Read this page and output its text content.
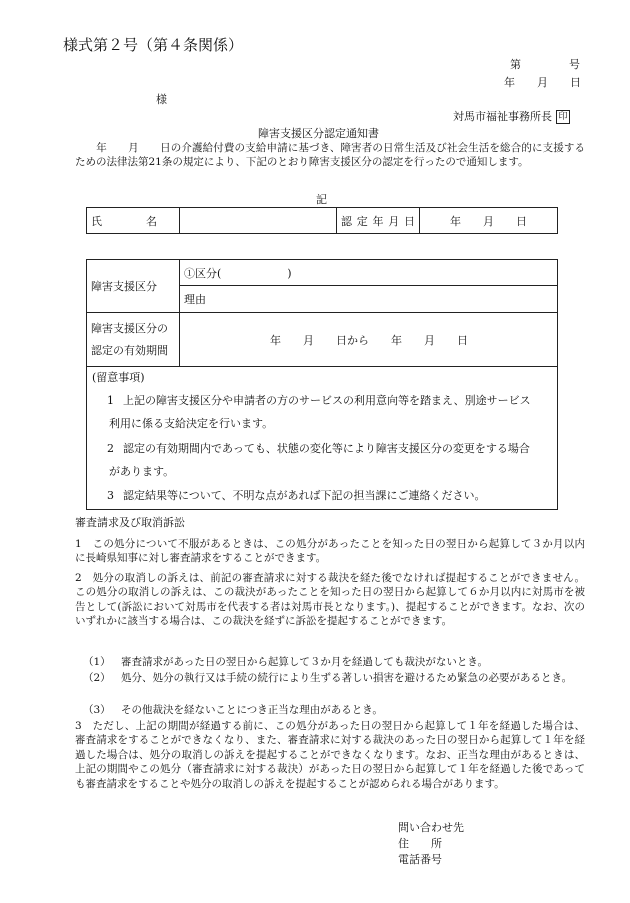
様式第２号（第４条関係）
第	号
年 月 日
様
対馬市福祉事務所長 印
障害支援区分認定通知書
　　年　　月　　日の介護給付費の支給申請に基づき、障害者の日常生活及び社会生活を総合的に支援するための法律法第21条の規定により、下記のとおり障害支援区分の認定を行ったので通知します。
記
氏　　　　名		認定年月日	年　　月　　日
障害支援区分	①区分(　　　　　　)
	理由

障害支援区分の
認定の有効期間	年　　月　　日から　　年　　月　　日
(留意事項)
1 上記の障害支援区分や申請者の方のサービスの利用意向等を踏まえ、別途サービス
利用に係る支給決定を行います。
2 認定の有効期間内であっても、状態の変化等により障害支援区分の変更をする場合
があります。
3 認定結果等について、不明な点があれば下記の担当課にご連絡ください。
審査請求及び取消訴訟
1　この処分について不服があるときは、この処分があったことを知った日の翌日から起算して３か月以内に長崎県知事に対し審査請求をすることができます。
2　処分の取消しの訴えは、前記の審査請求に対する裁決を経た後でなければ提起することができません。この処分の取消しの訴えは、この裁決があったことを知った日の翌日から起算して６か月以内に対馬市を被告として(訴訟において対馬市を代表する者は対馬市長となります。)、提起することができます。なお、次のいずれかに該当する場合は、この裁決を経ずに訴訟を提起することができます。
（1） 審査請求があった日の翌日から起算して３か月を経過しても裁決がないとき。
（2） 処分、処分の執行又は手続の続行により生ずる著しい損害を避けるため緊急の必要があるとき。
（3） その他裁決を経ないことにつき正当な理由があるとき。
3　ただし、上記の期間が経過する前に、この処分があった日の翌日から起算して１年を経過した場合は、審査請求をすることができなくなり、また、審査請求に対する裁決のあった日の翌日から起算して１年を経過した場合は、処分の取消しの訴えを提起することができなくなります。なお、正当な理由があるときは、上記の期間やこの処分（審査請求に対する裁決）があった日の翌日から起算して１年を経過した後であっても審査請求をすることや処分の取消しの訴えを提起することが認められる場合があります。
問い合わせ先
住　　所
電話番号
